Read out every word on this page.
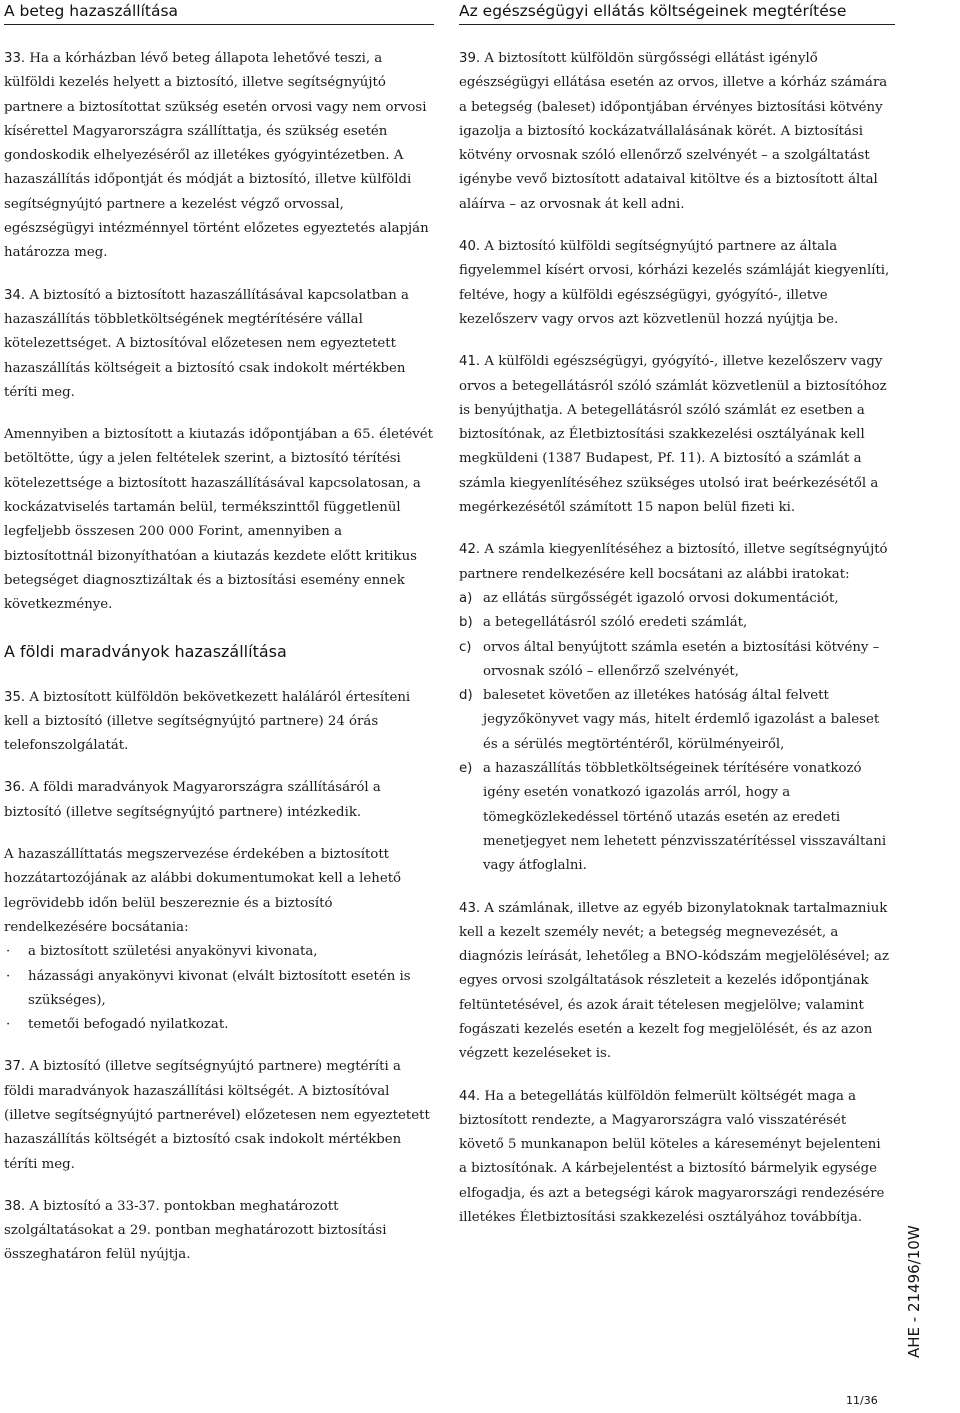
A beteg hazaszállítása

33. Ha a kórházban lévő beteg állapota lehetővé teszi, a külföldi kezelés helyett a biztosító, illetve segítségnyújtó partnere a biztosítottat szükség esetén orvosi vagy nem orvosi kísérettel Magyarországra szállíttatja, és szükség esetén gondoskodik elhelyezéséről az illetékes gyógyintézetben. A hazaszállítás időpontját és módját a biztosító, illetve külföldi segítségnyújtó partnere a kezelést végző orvossal, egészségügyi intézménnyel történt előzetes egyeztetés alapján határozza meg.

34. A biztosító a biztosított hazaszállításával kapcsolatban a hazaszállítás többletköltségének megtérítésére vállal kötelezettséget. A biztosítóval előzetesen nem egyeztetett hazaszállítás költségeit a biztosító csak indokolt mértékben téríti meg.

Amennyiben a biztosított a kiutazás időpontjában a 65. életévét betöltötte, úgy a jelen feltételek szerint, a biztosító térítési kötelezettsége a biztosított hazaszállításával kapcsolatosan, a kockázatviselés tartamán belül, termékszinttől függetlenül legfeljebb összesen 200 000 Forint, amennyiben a biztosítottnál bizonyíthatóan a kiutazás kezdete előtt kritikus betegséget diagnosztizáltak és a biztosítási esemény ennek következménye.

A földi maradványok hazaszállítása

35. A biztosított külföldön bekövetkezett haláláról értesíteni kell a biztosító (illetve segítségnyújtó partnere) 24 órás telefonszolgálatát.

36. A földi maradványok Magyarországra szállításáról a biztosító (illetve segítségnyújtó partnere) intézkedik.

A hazaszállíttatás megszervezése érdekében a biztosított hozzátartozójának az alábbi dokumentumokat kell a lehető legrövidebb időn belül beszereznie és a biztosító rendelkezésére bocsátania:

· a biztosított születési anyakönyvi kivonata,
· házassági anyakönyvi kivonat (elvált biztosított esetén is szükséges),
· temetői befogadó nyilatkozat.

37. A biztosító (illetve segítségnyújtó partnere) megtéríti a földi maradványok hazaszállítási költségét. A biztosítóval (illetve segítségnyújtó partnerével) előzetesen nem egyeztetett hazaszállítás költségét a biztosító csak indokolt mértékben téríti meg.

38. A biztosító a 33-37. pontokban meghatározott szolgáltatásokat a 29. pontban meghatározott biztosítási összeghatáron felül nyújtja.

Az egészségügyi ellátás költségeinek megtérítése

39. A biztosított külföldön sürgősségi ellátást igénylő egészségügyi ellátása esetén az orvos, illetve a kórház számára a betegség (baleset) időpontjában érvényes biztosítási kötvény igazolja a biztosító kockázatvállalásának körét. A biztosítási kötvény orvosnak szóló ellenőrző szelvényét – a szolgáltatást igénybe vevő biztosított adataival kitöltve és a biztosított által aláírva – az orvosnak át kell adni.

40. A biztosító külföldi segítségnyújtó partnere az általa figyelemmel kísért orvosi, kórházi kezelés számláját kiegyenlíti, feltéve, hogy a külföldi egészségügyi, gyógyító-, illetve kezelőszerv vagy orvos azt közvetlenül hozzá nyújtja be.

41. A külföldi egészségügyi, gyógyító-, illetve kezelőszerv vagy orvos a betegellátásról szóló számlát közvetlenül a biztosítóhoz is benyújthatja. A betegellátásról szóló számlát ez esetben a biztosítónak, az Életbiztosítási szakkezelési osztályának kell megküldeni (1387 Budapest, Pf. 11). A biztosító a számlát a számla kiegyenlítéséhez szükséges utolsó irat beérkezésétől a megérkezésétől számított 15 napon belül fizeti ki.

42. A számla kiegyenlítéséhez a biztosító, illetve segítségnyújtó partnere rendelkezésére kell bocsátani az alábbi iratokat:

a) az ellátás sürgősségét igazoló orvosi dokumentációt,
b) a betegellátásról szóló eredeti számlát,
c) orvos által benyújtott számla esetén a biztosítási kötvény – orvosnak szóló – ellenőrző szelvényét,
d) balesetet követően az illetékes hatóság által felvett jegyzőkönyvet vagy más, hitelt érdemlő igazolást a baleset és a sérülés megtörténtéről, körülményeiről,
e) a hazaszállítás többletköltségeinek térítésére vonatkozó igény esetén vonatkozó igazolás arról, hogy a tömegközlekedéssel történő utazás esetén az eredeti menetjegyet nem lehetett pénzvisszatérítéssel visszaváltani vagy átfoglalni.

43. A számlának, illetve az egyéb bizonylatoknak tartalmazniuk kell a kezelt személy nevét; a betegség megnevezését, a diagnózis leírását, lehetőleg a BNO-kódszám megjelölésével; az egyes orvosi szolgáltatások részleteit a kezelés időpontjának feltüntetésével, és azok árait tételesen megjelölve; valamint fogászati kezelés esetén a kezelt fog megjelölését, és az azon végzett kezeléseket is.

44. Ha a betegellátás külföldön felmerült költségét maga a biztosított rendezte, a Magyarországra való visszatérését követő 5 munkanapon belül köteles a káreseményt bejelenteni a biztosítónak. A kárbejelentést a biztosító bármelyik egysége elfogadja, és azt a betegségi károk magyarországi rendezésére illetékes Életbiztosítási szakkezelési osztályához továbbítja.

AHE - 21496/10W
11/36
